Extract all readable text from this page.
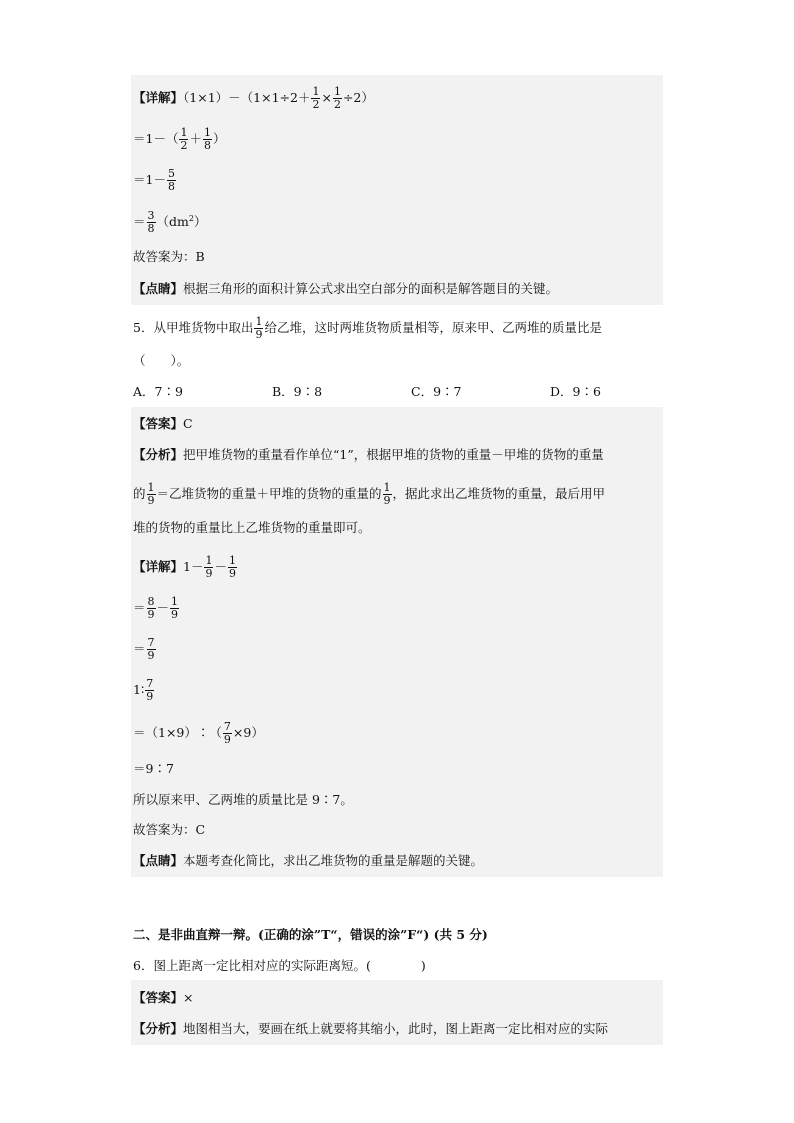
【详解】$(1\times 1)-(1\times 1\div 2+ \frac{1}{2} \times \frac{1}{2} \div 2)$
$=1-( \frac{1}{2} + \frac{1}{8}$ ）
$=1- \frac{5}{8}$
＝ $\frac{3}{8} (dm^2)$
故答案为：B
【点睛】根据三角形的面积计算公式求出空白部分的面积是解答题目的关键。
5．从甲堆货物中取出 $\frac{1}{9}$ 给乙堆，这时两堆货物质量相等，原来甲、乙两堆的质量比是
（　　）。
A．7∶9	B．9∶8	C．9∶7	D．9∶6
【答案】C
【分析】把甲堆货物的重量看作单位“1”，根据甲堆的货物的重量－甲堆的货物的重量
的 $\frac{1}{9}$ ＝乙堆货物的重量＋甲堆的货物的重量的 $\frac{1}{9}$ ，据此求出乙堆货物的重量，最后用甲
堆的货物的重量比上乙堆货物的重量即可。
【详解】$1- \frac{1}{9} - \frac{1}{9}$
＝ $\frac{8}{9} - \frac{1}{9}$
＝ $\frac{7}{9}$
1∶ $\frac{7}{9}$
＝（1×9）∶（ $\frac{7}{9} \times 9$）
＝9∶7
所以原来甲、乙两堆的质量比是 9∶7。
故答案为：C
【点睛】本题考查化简比，求出乙堆货物的重量是解题的关键。
二、是非曲直辩一辩。(正确的涂”T“，错误的涂”F“) (共 5 分)
6．图上距离一定比相对应的实际距离短。(　　　　)
【答案】×
【分析】地图相当大，要画在纸上就要将其缩小，此时，图上距离一定比相对应的实际
